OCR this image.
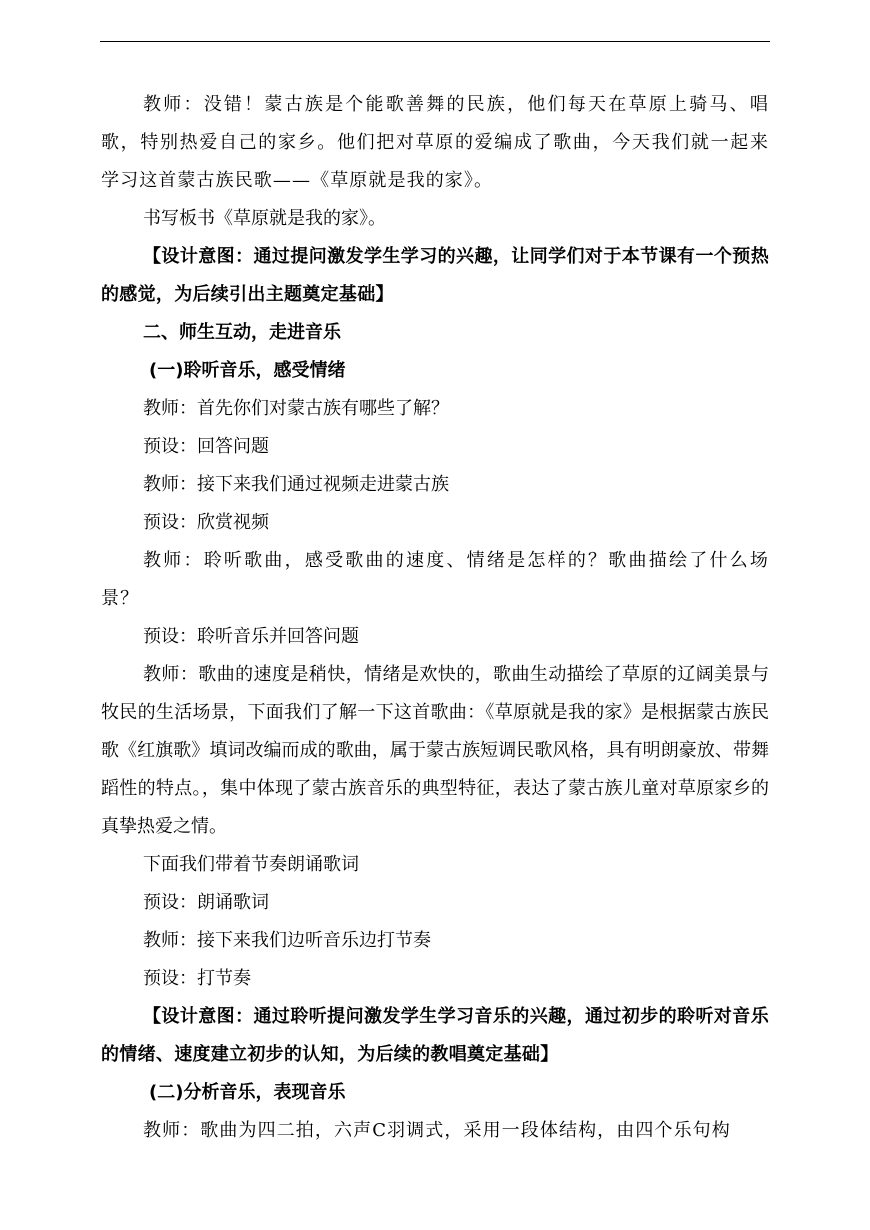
教师：没错！蒙古族是个能歌善舞的民族，他们每天在草原上骑马、唱歌，特别热爱自己的家乡。他们把对草原的爱编成了歌曲，今天我们就一起来学习这首蒙古族民歌——《草原就是我的家》。

书写板书《草原就是我的家》。

【设计意图：通过提问激发学生学习的兴趣，让同学们对于本节课有一个预热的感觉，为后续引出主题奠定基础】

二、师生互动，走进音乐

(一)聆听音乐，感受情绪

教师：首先你们对蒙古族有哪些了解？

预设：回答问题

教师：接下来我们通过视频走进蒙古族

预设：欣赏视频

教师：聆听歌曲，感受歌曲的速度、情绪是怎样的？歌曲描绘了什么场景？

预设：聆听音乐并回答问题

教师：歌曲的速度是稍快，情绪是欢快的，歌曲生动描绘了草原的辽阔美景与牧民的生活场景，下面我们了解一下这首歌曲：《草原就是我的家》是根据蒙古族民歌《红旗歌》填词改编而成的歌曲，属于蒙古族短调民歌风格，具有明朗豪放、带舞蹈性的特点。，集中体现了蒙古族音乐的典型特征，表达了蒙古族儿童对草原家乡的真挚热爱之情。

下面我们带着节奏朗诵歌词

预设：朗诵歌词

教师：接下来我们边听音乐边打节奏

预设：打节奏

【设计意图：通过聆听提问激发学生学习音乐的兴趣，通过初步的聆听对音乐的情绪、速度建立初步的认知，为后续的教唱奠定基础】

(二)分析音乐，表现音乐

教师：歌曲为四二拍，六声C羽调式，采用一段体结构，由四个乐句构
